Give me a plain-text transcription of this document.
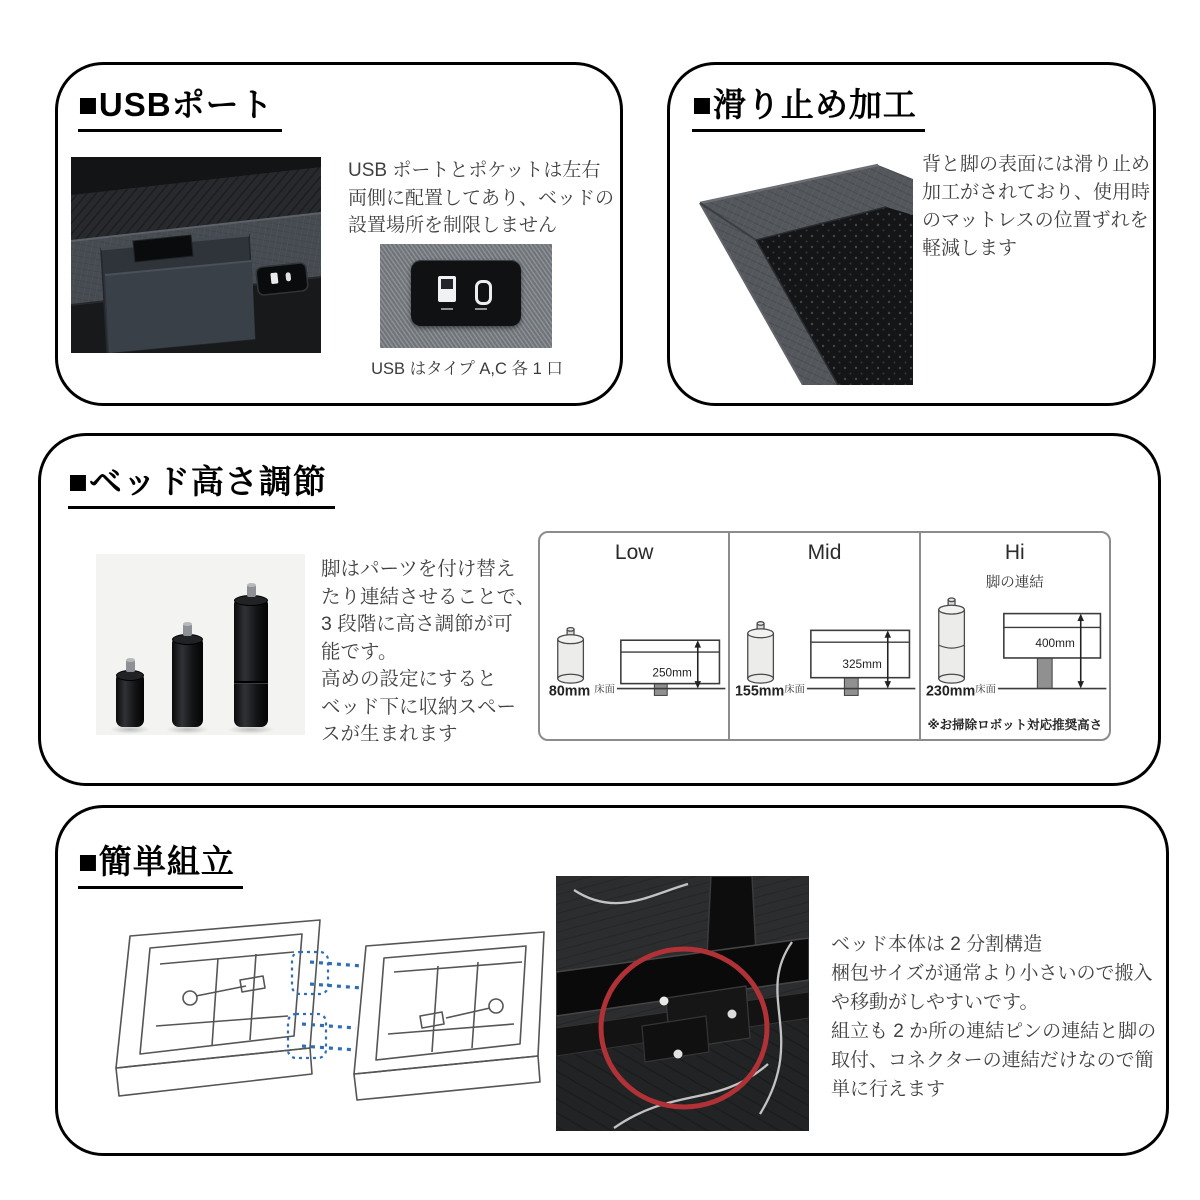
■USBポート
USB ポートとポケットは左右
両側に配置してあり、ベッドの
設置場所を制限しません
USB はタイプ A,C 各 1 口
■滑り止め加工
背と脚の表面には滑り止め
加工がされており、使用時
のマットレスの位置ずれを
軽減します
■ベッド高さ調節
脚はパーツを付け替え
たり連結させることで、
3 段階に高さ調節が可
能です。
高めの設定にすると
ベッド下に収納スペー
スが生まれます
Low
80mm
250mm
床面
Mid
155mm
325mm
床面
Hi
脚の連結
230mm
400mm
床面
※お掃除ロボット対応推奨高さ
■簡単組立
ベッド本体は 2 分割構造
梱包サイズが通常より小さいので搬入
や移動がしやすいです。
組立も 2 か所の連結ピンの連結と脚の
取付、コネクターの連結だけなので簡
単に行えます
